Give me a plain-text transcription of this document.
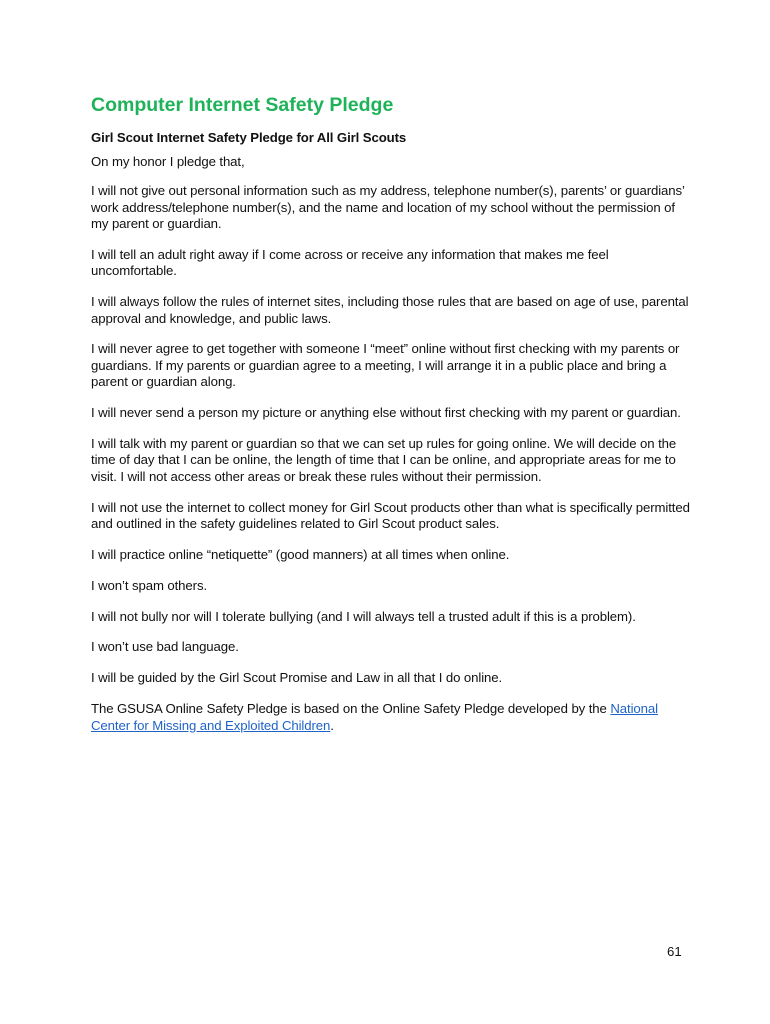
Computer Internet Safety Pledge

Girl Scout Internet Safety Pledge for All Girl Scouts

On my honor I pledge that,

I will not give out personal information such as my address, telephone number(s), parents’ or guardians’ work address/telephone number(s), and the name and location of my school without the permission of my parent or guardian.

I will tell an adult right away if I come across or receive any information that makes me feel uncomfortable.

I will always follow the rules of internet sites, including those rules that are based on age of use, parental approval and knowledge, and public laws.

I will never agree to get together with someone I “meet” online without first checking with my parents or guardians. If my parents or guardian agree to a meeting, I will arrange it in a public place and bring a parent or guardian along.

I will never send a person my picture or anything else without first checking with my parent or guardian.

I will talk with my parent or guardian so that we can set up rules for going online. We will decide on the time of day that I can be online, the length of time that I can be online, and appropriate areas for me to visit. I will not access other areas or break these rules without their permission.

I will not use the internet to collect money for Girl Scout products other than what is specifically permitted and outlined in the safety guidelines related to Girl Scout product sales.

I will practice online “netiquette” (good manners) at all times when online.

I won’t spam others.

I will not bully nor will I tolerate bullying (and I will always tell a trusted adult if this is a problem).

I won’t use bad language.

I will be guided by the Girl Scout Promise and Law in all that I do online.

The GSUSA Online Safety Pledge is based on the Online Safety Pledge developed by the National Center for Missing and Exploited Children.

61
